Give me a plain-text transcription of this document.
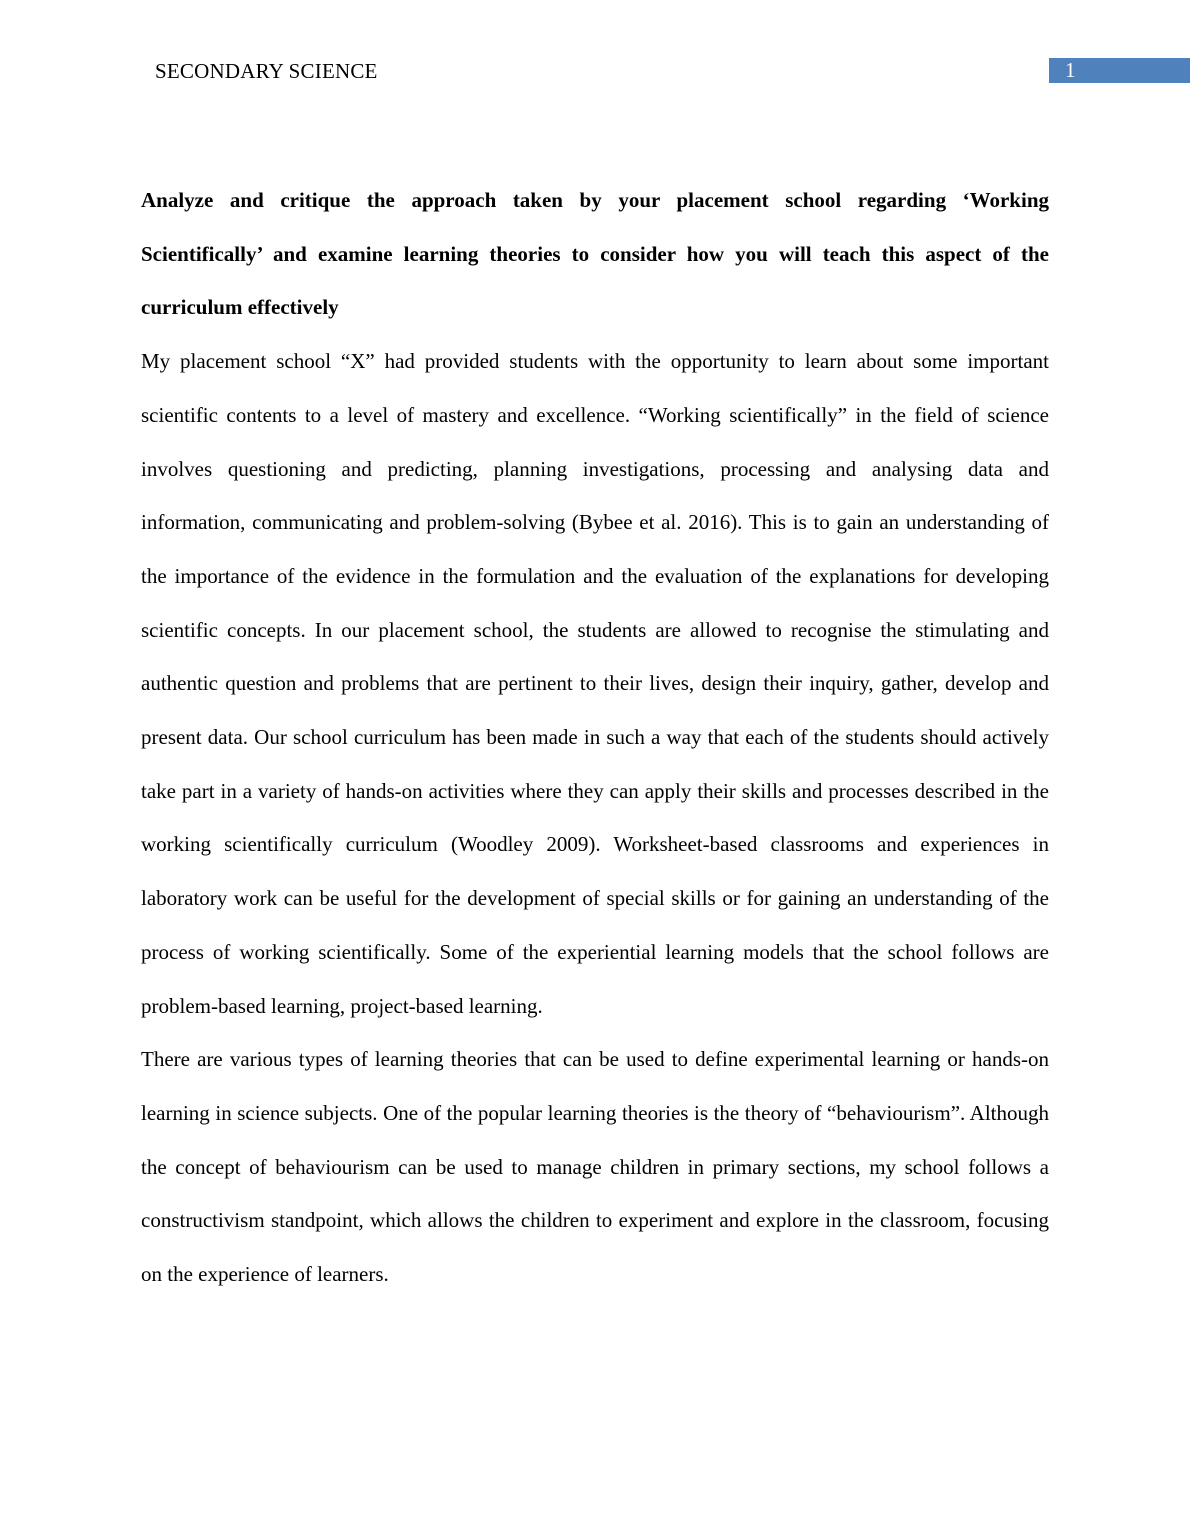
SECONDARY SCIENCE	1

Analyze and critique the approach taken by your placement school regarding ‘Working Scientifically’ and examine learning theories to consider how you will teach this aspect of the curriculum effectively

My placement school “X” had provided students with the opportunity to learn about some important scientific contents to a level of mastery and excellence. “Working scientifically” in the field of science involves questioning and predicting, planning investigations, processing and analysing data and information, communicating and problem-solving (Bybee et al. 2016). This is to gain an understanding of the importance of the evidence in the formulation and the evaluation of the explanations for developing scientific concepts. In our placement school, the students are allowed to recognise the stimulating and authentic question and problems that are pertinent to their lives, design their inquiry, gather, develop and present data. Our school curriculum has been made in such a way that each of the students should actively take part in a variety of hands-on activities where they can apply their skills and processes described in the working scientifically curriculum (Woodley 2009). Worksheet-based classrooms and experiences in laboratory work can be useful for the development of special skills or for gaining an understanding of the process of working scientifically. Some of the experiential learning models that the school follows are problem-based learning, project-based learning.

There are various types of learning theories that can be used to define experimental learning or hands-on learning in science subjects. One of the popular learning theories is the theory of “behaviourism”. Although the concept of behaviourism can be used to manage children in primary sections, my school follows a constructivism standpoint, which allows the children to experiment and explore in the classroom, focusing on the experience of learners.
